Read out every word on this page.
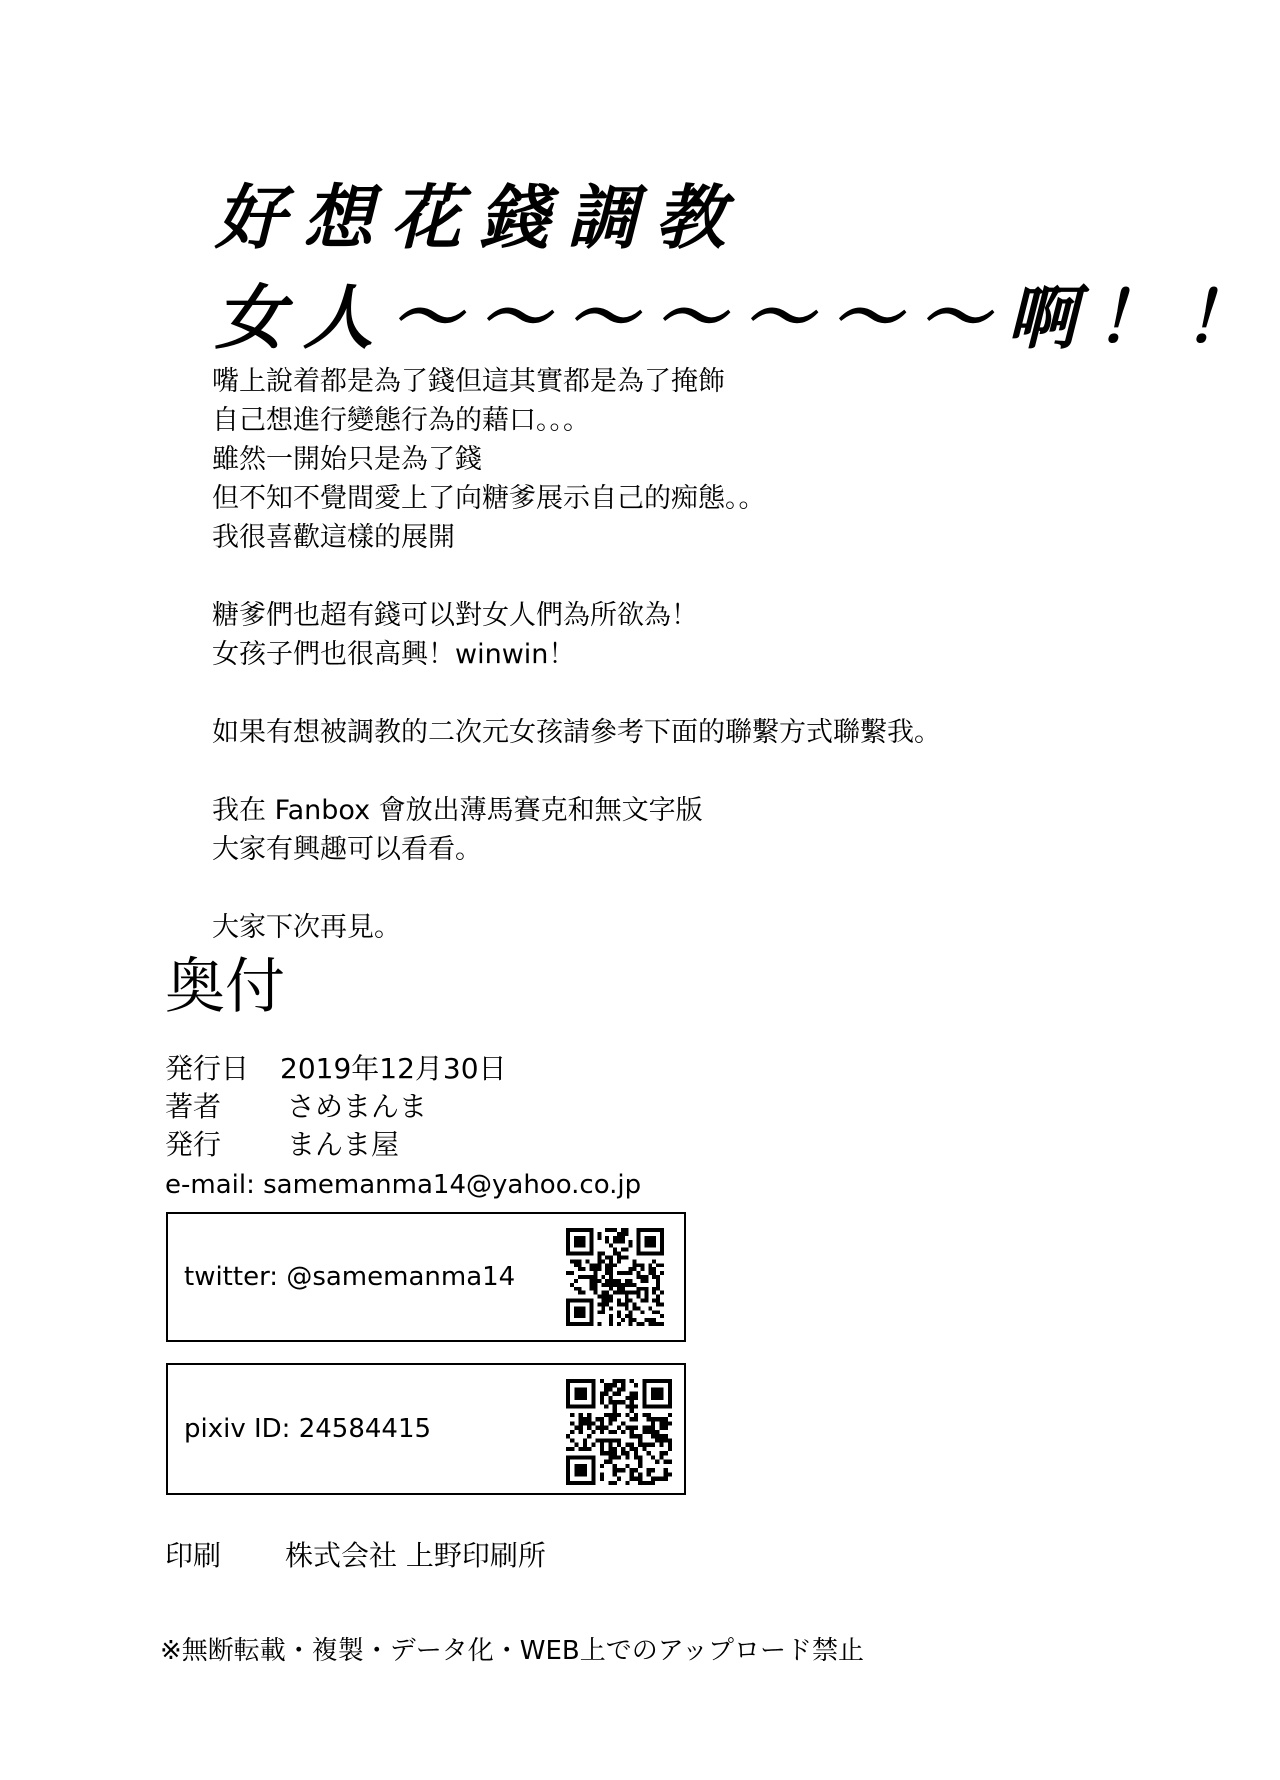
好想花錢調教
女人～～～～～～～啊！！
嘴上說着都是為了錢但這其實都是為了掩飾
自己想進行變態行為的藉口。。。
雖然一開始只是為了錢
但不知不覺間愛上了向糖爹展示自己的痴態。。
我很喜歡這樣的展開
糖爹們也超有錢可以對女人們為所欲為！
女孩子們也很高興！winwin！
如果有想被調教的二次元女孩請參考下面的聯繫方式聯繫我。
我在 Fanbox 會放出薄馬賽克和無文字版
大家有興趣可以看看。
大家下次再見。
奥付
発行日 2019年12月30日
著者 さめまんま
発行 まんま屋
e-mail: samemanma14@yahoo.co.jp
twitter: @samemanma14
pixiv ID: 24584415
印刷 株式会社 上野印刷所
※無断転載・複製・データ化・WEB上でのアップロード禁止
